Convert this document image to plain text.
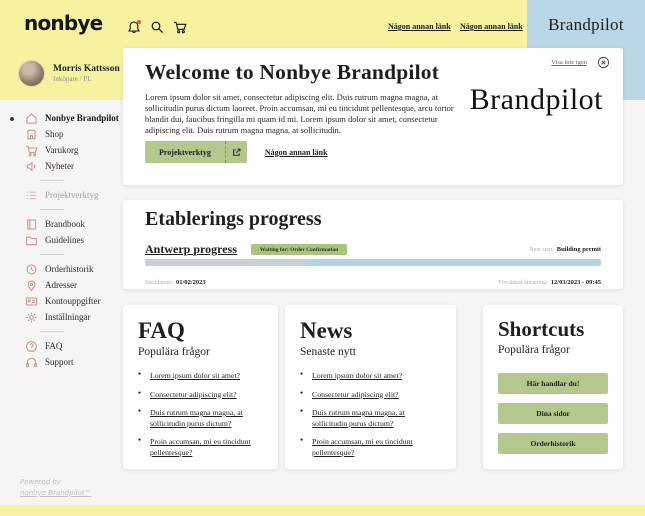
Brandpilot
nonbye	Någon annan länk Någon annan länk
Morris Kattsson
Inköpare / PL
Nonbye Brandpilot
Shop
Varukorg
Nyheter
Projektverktyg
Brandbook
Guidelines
Orderhistorik
Adresser
Kontouppgifter
Inställningar
FAQ
Support
Visa inte igen
Welcome to Nonbye Brandpilot

Lorem ipsum dolor sit amet, consectetur adipiscing elit. Duis rutrum magna magna, at sollicitudin purus dictum laoreet. Proin accumsan, mi eu tincidunt pellentesque, arcu tortor blandit dui, faucibus fringilla mi quam id mi. Lorem ipsum dolor sit amet, consectetur adipiscing elit. Duis rutrum magna magna, at sollicitudin.

Projektverktyg	Någon annan länk
Brandpilot
Etablerings progress
Antwerp progress	Waiting for: Order Confirmation	Next step: Building permit
Startdatum: 01/02/2023	Förväntad lansering: 12/03/2023 - 09:45
FAQ
Populära frågor
● Lorem ipsum dolor sit amet?
● Consectetur adipiscing elit?
● Duis rutrum magna magna, at sollicitudin purus dictum?
● Proin accumsan, mi eu tincidunt pellentesque?
News
Senaste nytt
● Lorem ipsum dolor sit amet?
● Consectetur adipiscing elit?
● Duis rutrum magna magna, at sollicitudin purus dictum?
● Proin accumsan, mi eu tincidunt pellentesque?
Shortcuts
Populära frågor
Här handlar du!
Dina sidor
Orderhistorik
Powered by
nonbye Brandpilot™
